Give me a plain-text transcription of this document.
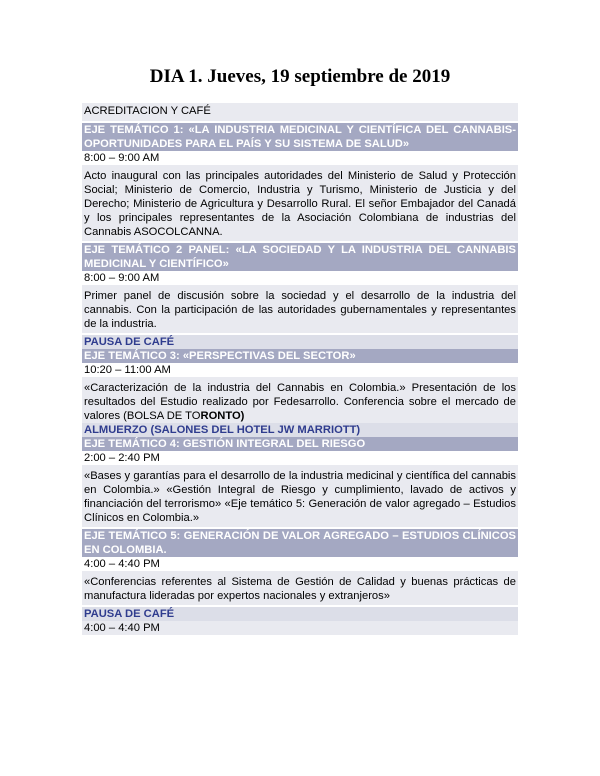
DIA 1. Jueves, 19 septiembre de 2019
ACREDITACION Y CAFÉ
EJE TEMÁTICO 1: «LA INDUSTRIA MEDICINAL Y CIENTÍFICA DEL CANNABIS-OPORTUNIDADES PARA EL PAÍS Y SU SISTEMA DE SALUD»
8:00 – 9:00 AM
Acto inaugural con las principales autoridades del Ministerio de Salud y Protección Social; Ministerio de Comercio, Industria y Turismo, Ministerio de Justicia y del Derecho; Ministerio de Agricultura y Desarrollo Rural. El señor Embajador del Canadá y los principales representantes de la Asociación Colombiana de industrias del Cannabis ASOCOLCANNA.
EJE TEMÁTICO 2 PANEL: «LA SOCIEDAD Y LA INDUSTRIA DEL CANNABIS MEDICINAL Y CIENTÍFICO»
8:00 – 9:00 AM
Primer panel de discusión sobre la sociedad y el desarrollo de la industria del cannabis. Con la participación de las autoridades gubernamentales y representantes de la industria.
PAUSA DE CAFÉ
EJE TEMÁTICO 3: «PERSPECTIVAS DEL SECTOR»
10:20 – 11:00 AM
«Caracterización de la industria del Cannabis en Colombia.» Presentación de los resultados del Estudio realizado por Fedesarrollo. Conferencia sobre el mercado de valores (BOLSA DE TORONTO)
ALMUERZO (SALONES DEL HOTEL JW MARRIOTT)
EJE TEMÁTICO 4: GESTIÓN INTEGRAL DEL RIESGO
2:00 – 2:40 PM
«Bases y garantías para el desarrollo de la industria medicinal y científica del cannabis en Colombia.» «Gestión Integral de Riesgo y cumplimiento, lavado de activos y financiación del terrorismo» «Eje temático 5: Generación de valor agregado – Estudios Clínicos en Colombia.»
EJE TEMÁTICO 5: GENERACIÓN DE VALOR AGREGADO – ESTUDIOS CLÍNICOS EN COLOMBIA.
4:00 – 4:40 PM
«Conferencias referentes al Sistema de Gestión de Calidad y buenas prácticas de manufactura lideradas por expertos nacionales y extranjeros»
PAUSA DE CAFÉ
4:00 – 4:40 PM
